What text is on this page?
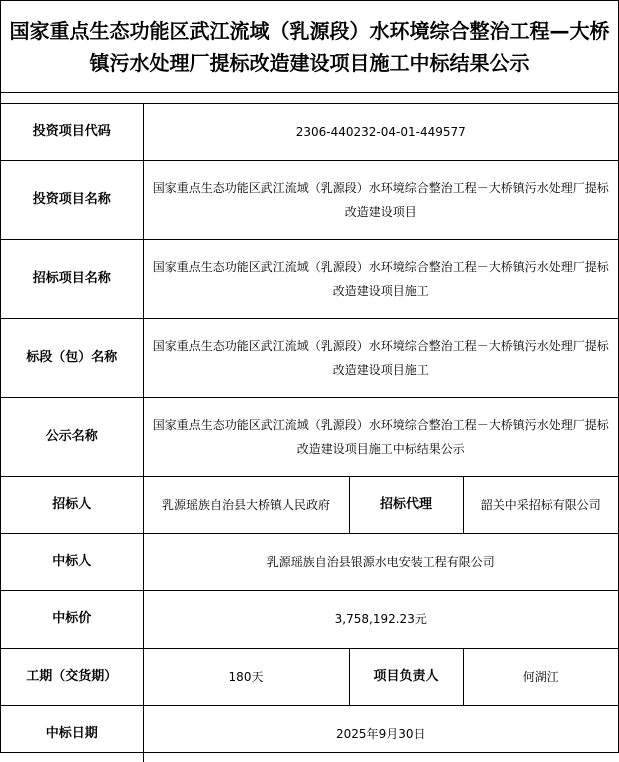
国家重点生态功能区武江流域（乳源段）水环境综合整治工程—大桥镇污水处理厂提标改造建设项目施工中标结果公示
投资项目代码	2306-440232-04-01-449577		
投资项目名称	国家重点生态功能区武江流域（乳源段）水环境综合整治工程－大桥镇污水处理厂提标改造建设项目		
招标项目名称	国家重点生态功能区武江流域（乳源段）水环境综合整治工程－大桥镇污水处理厂提标改造建设项目施工		
标段（包）名称	国家重点生态功能区武江流域（乳源段）水环境综合整治工程－大桥镇污水处理厂提标改造建设项目施工		
公示名称	国家重点生态功能区武江流域（乳源段）水环境综合整治工程－大桥镇污水处理厂提标改造建设项目施工中标结果公示		
招标人	乳源瑶族自治县大桥镇人民政府	招标代理	韶关中采招标有限公司
中标人	乳源瑶族自治县银源水电安装工程有限公司		
中标价	3,758,192.23元		
工期（交货期）	180天	项目负责人	何湖江
中标日期	2025年9月30日		
